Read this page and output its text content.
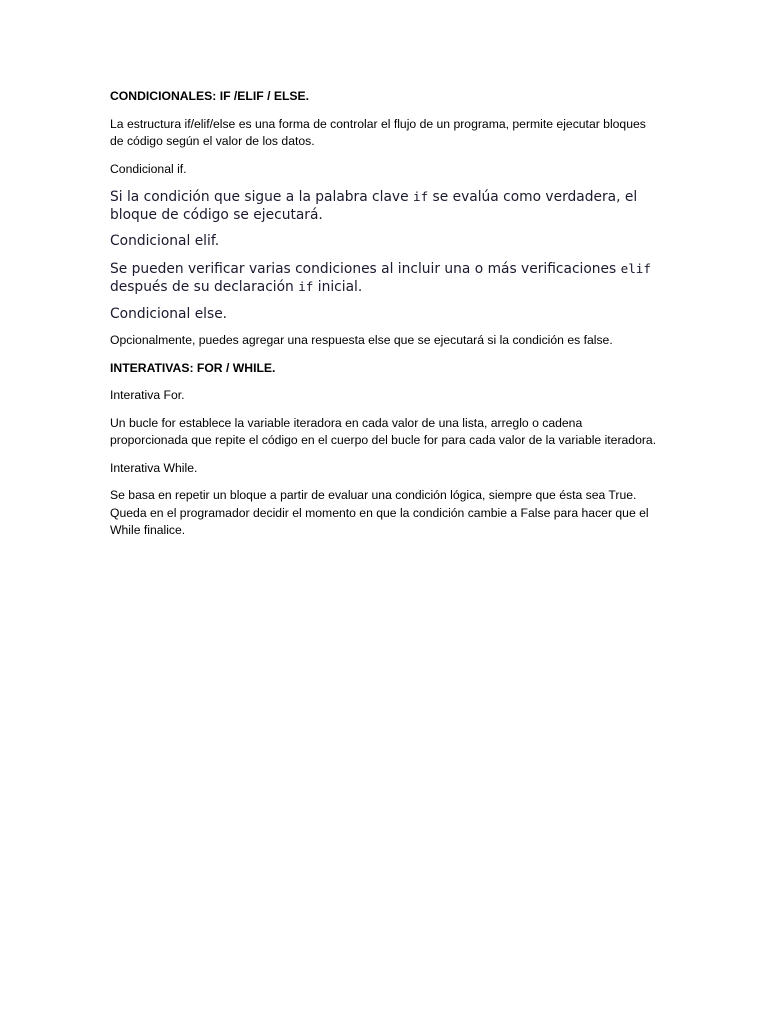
CONDICIONALES: IF /ELIF / ELSE.

La estructura if/elif/else es una forma de controlar el flujo de un programa, permite ejecutar bloques de código según el valor de los datos.

Condicional if.

Si la condición que sigue a la palabra clave if se evalúa como verdadera, el bloque de código se ejecutará.

Condicional elif.

Se pueden verificar varias condiciones al incluir una o más verificaciones elif después de su declaración if inicial.

Condicional else.

Opcionalmente, puedes agregar una respuesta else que se ejecutará si la condición es false.

INTERATIVAS: FOR / WHILE.

Interativa For.

Un bucle for establece la variable iteradora en cada valor de una lista, arreglo o cadena proporcionada que repite el código en el cuerpo del bucle for para cada valor de la variable iteradora.

Interativa While.

Se basa en repetir un bloque a partir de evaluar una condición lógica, siempre que ésta sea True. Queda en el programador decidir el momento en que la condición cambie a False para hacer que el While finalice.
